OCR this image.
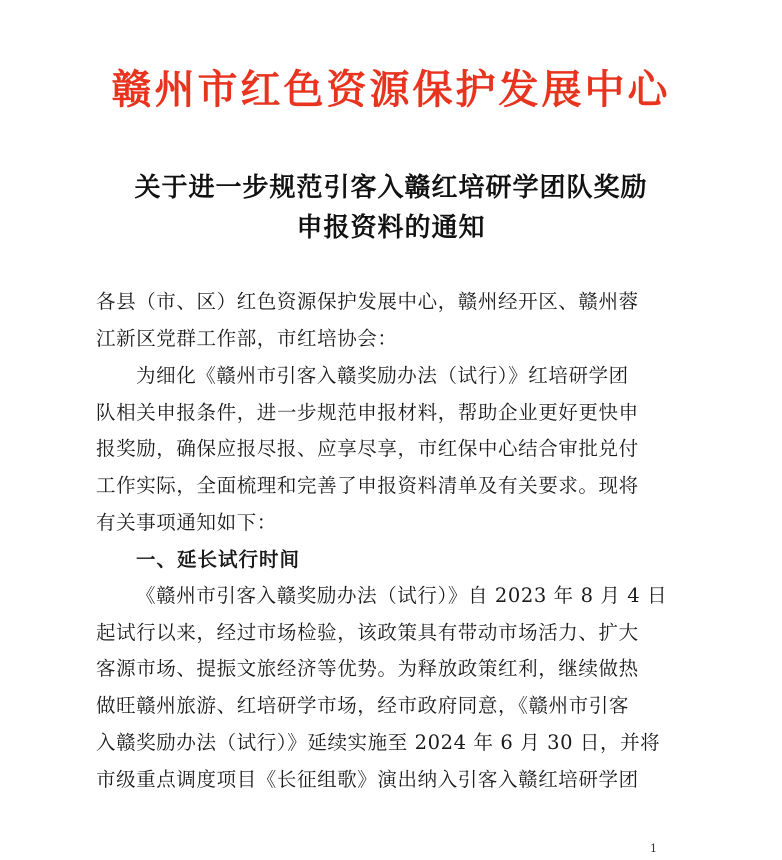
赣州市红色资源保护发展中心
关于进一步规范引客入赣红培研学团队奖励
申报资料的通知
各县（市、区）红色资源保护发展中心，赣州经开区、赣州蓉
江新区党群工作部，市红培协会：
为细化《赣州市引客入赣奖励办法（试行）》红培研学团
队相关申报条件，进一步规范申报材料，帮助企业更好更快申
报奖励，确保应报尽报、应享尽享，市红保中心结合审批兑付
工作实际，全面梳理和完善了申报资料清单及有关要求。现将
有关事项通知如下：
一、延长试行时间
《赣州市引客入赣奖励办法（试行）》自 2023 年 8 月 4 日
起试行以来，经过市场检验，该政策具有带动市场活力、扩大
客源市场、提振文旅经济等优势。为释放政策红利，继续做热
做旺赣州旅游、红培研学市场，经市政府同意，《赣州市引客
入赣奖励办法（试行）》延续实施至 2024 年 6 月 30 日，并将
市级重点调度项目《长征组歌》演出纳入引客入赣红培研学团
1
